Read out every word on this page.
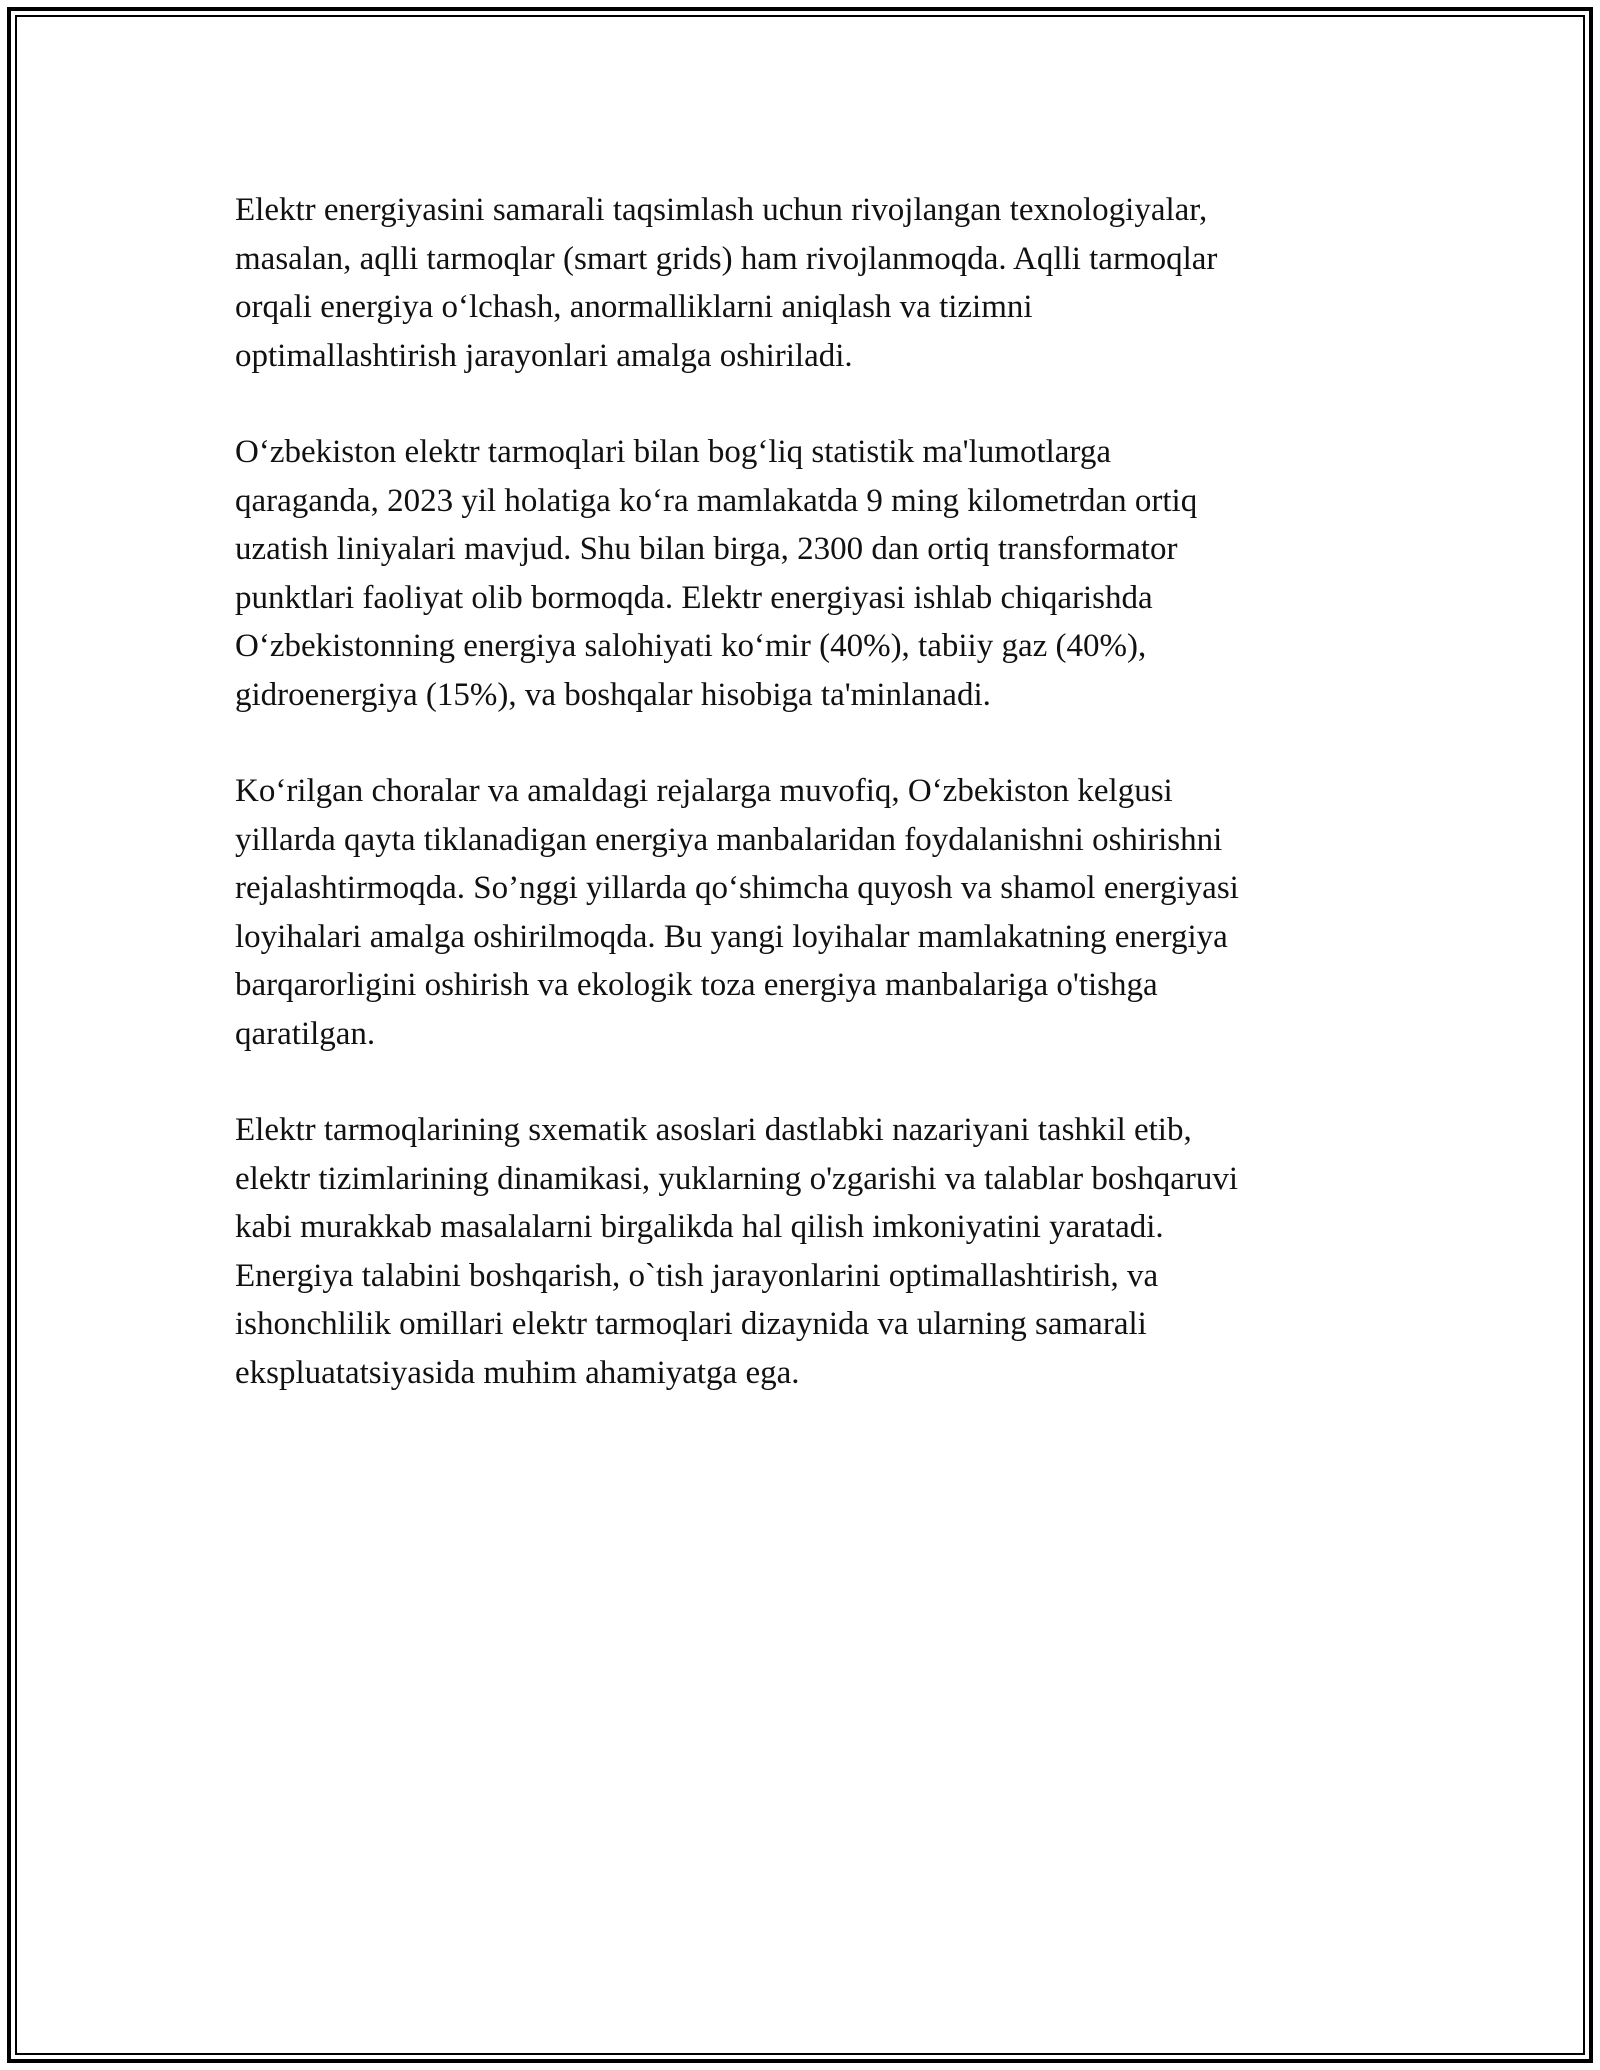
Elektr energiyasini samarali taqsimlash uchun rivojlangan texnologiyalar,
masalan, aqlli tarmoqlar (smart grids) ham rivojlanmoqda. Aqlli tarmoqlar
orqali energiya o‘lchash, anormalliklarni aniqlash va tizimni
optimallashtirish jarayonlari amalga oshiriladi.

O‘zbekiston elektr tarmoqlari bilan bog‘liq statistik ma'lumotlarga
qaraganda, 2023 yil holatiga ko‘ra mamlakatda 9 ming kilometrdan ortiq
uzatish liniyalari mavjud. Shu bilan birga, 2300 dan ortiq transformator
punktlari faoliyat olib bormoqda. Elektr energiyasi ishlab chiqarishda
O‘zbekistonning energiya salohiyati ko‘mir (40%), tabiiy gaz (40%),
gidroenergiya (15%), va boshqalar hisobiga ta'minlanadi.

Ko‘rilgan choralar va amaldagi rejalarga muvofiq, O‘zbekiston kelgusi
yillarda qayta tiklanadigan energiya manbalaridan foydalanishni oshirishni
rejalashtirmoqda. So’nggi yillarda qo‘shimcha quyosh va shamol energiyasi
loyihalari amalga oshirilmoqda. Bu yangi loyihalar mamlakatning energiya
barqarorligini oshirish va ekologik toza energiya manbalariga o'tishga
qaratilgan.

Elektr tarmoqlarining sxematik asoslari dastlabki nazariyani tashkil etib,
elektr tizimlarining dinamikasi, yuklarning o'zgarishi va talablar boshqaruvi
kabi murakkab masalalarni birgalikda hal qilish imkoniyatini yaratadi.
Energiya talabini boshqarish, o`tish jarayonlarini optimallashtirish, va
ishonchlilik omillari elektr tarmoqlari dizaynida va ularning samarali
ekspluatatsiyasida muhim ahamiyatga ega.
